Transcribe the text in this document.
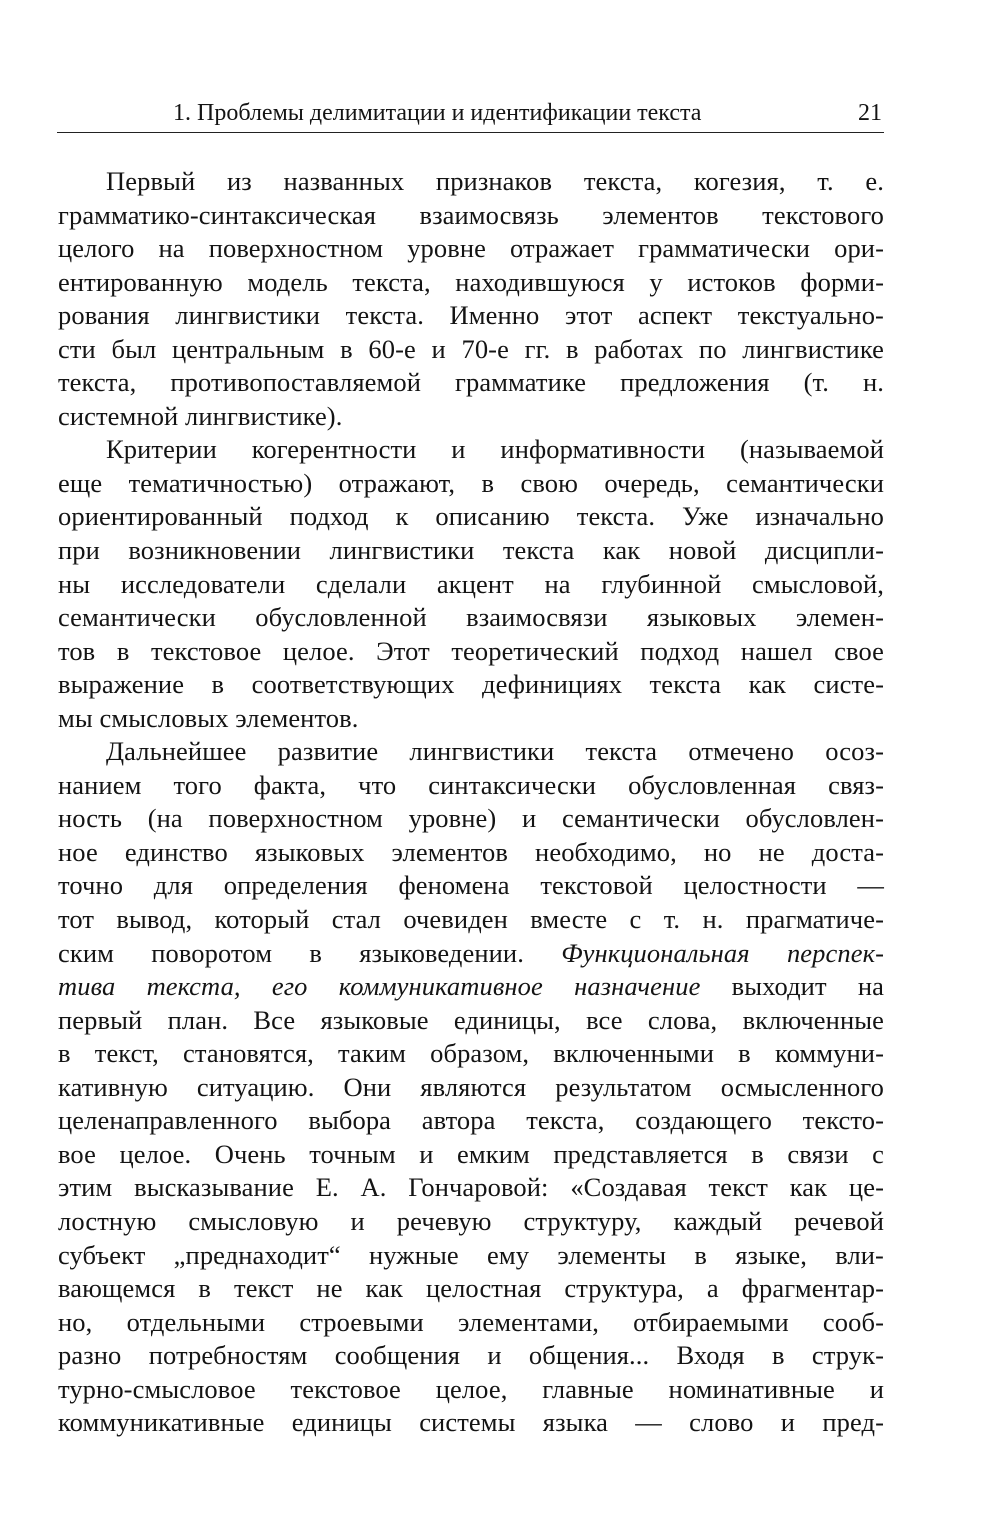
1. Проблемы делимитации и идентификации текста	21
Первый из названных признаков текста, когезия, т. е.
грамматико-синтаксическая взаимосвязь элементов текстового
целого на поверхностном уровне отражает грамматически ори-
ентированную модель текста, находившуюся у истоков форми-
рования лингвистики текста. Именно этот аспект текстуально-
сти был центральным в 60-е и 70-е гг. в работах по лингвистике
текста, противопоставляемой грамматике предложения (т. н.
системной лингвистике).
Критерии когерентности и информативности (называемой
еще тематичностью) отражают, в свою очередь, семантически
ориентированный подход к описанию текста. Уже изначально
при возникновении лингвистики текста как новой дисципли-
ны исследователи сделали акцент на глубинной смысловой,
семантически обусловленной взаимосвязи языковых элемен-
тов в текстовое целое. Этот теоретический подход нашел свое
выражение в соответствующих дефинициях текста как систе-
мы смысловых элементов.
Дальнейшее развитие лингвистики текста отмечено осоз-
нанием того факта, что синтаксически обусловленная связ-
ность (на поверхностном уровне) и семантически обусловлен-
ное единство языковых элементов необходимо, но не доста-
точно для определения феномена текстовой целостности —
тот вывод, который стал очевиден вместе с т. н. прагматиче-
ским поворотом в языковедении. Функциональная перспек-
тива текста, его коммуникативное назначение выходит на
первый план. Все языковые единицы, все слова, включенные
в текст, становятся, таким образом, включенными в коммуни-
кативную ситуацию. Они являются результатом осмысленного
целенаправленного выбора автора текста, создающего тексто-
вое целое. Очень точным и емким представляется в связи с
этим высказывание Е. А. Гончаровой: «Создавая текст как це-
лостную смысловую и речевую структуру, каждый речевой
субъект „преднаходит“ нужные ему элементы в языке, вли-
вающемся в текст не как целостная структура, а фрагментар-
но, отдельными строевыми элементами, отбираемыми сооб-
разно потребностям сообщения и общения... Входя в струк-
турно-смысловое текстовое целое, главные номинативные и
коммуникативные единицы системы языка — слово и пред-
